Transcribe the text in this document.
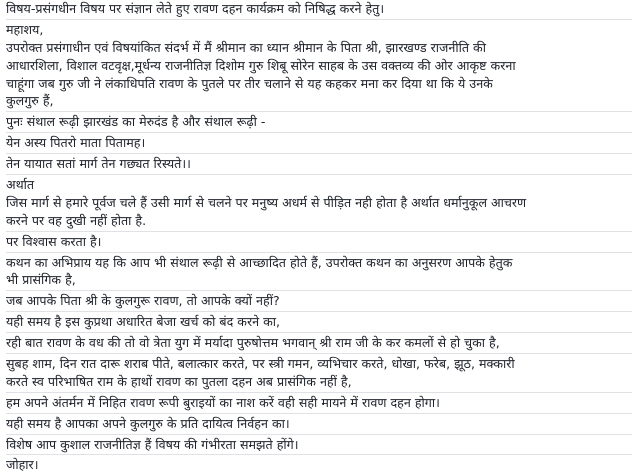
विषय-प्रसंगधीन विषय पर संज्ञान लेते हुए रावण दहन कार्यक्रम को निषिद्ध करने हेतु।
महाशय,
उपरोक्त प्रसंगाधीन एवं विषयांकित संदर्भ में मैं श्रीमान का ध्यान श्रीमान के पिता श्री, झारखण्ड राजनीति की
आधारशिला, विशाल वटवृक्ष,मूर्धन्य राजनीतिज्ञ दिशोम गुरु शिबू सोरेन साहब के उस वक्तव्य की ओर आकृष्ट करना
चाहूंगा जब गुरु जी ने लंकाधिपति रावण के पुतले पर तीर चलाने से यह कहकर मना कर दिया था कि ये उनके
कुलगुरु हैं,
पुनः संथाल रूढ़ी झारखंड का मेरुदंड है और संथाल रूढ़ी -
येन अस्य पितरो माता पितामह।
तेन यायात सतां मार्ग तेन गछ्यत रिस्यते।।
अर्थात
जिस मार्ग से हमारे पूर्वज चले हैं उसी मार्ग से चलने पर मनुष्य अधर्म से पीड़ित नही होता है अर्थात धर्मानुकूल आचरण
करने पर वह दुखी नहीं होता है.
पर विश्वास करता है।
कथन का अभिप्राय यह कि आप भी संथाल रूढ़ी से आच्छादित होते हैं, उपरोक्त कथन का अनुसरण आपके हेतुक
भी प्रासंगिक है,
जब आपके पिता श्री के कुलगुरू रावण, तो आपके क्यों नहीं?
यही समय है इस कुप्रथा अधारित बेजा खर्च को बंद करने का,
रही बात रावण के वध की तो वो त्रेता युग में मर्यादा पुरुषोत्तम भगवान् श्री राम जी के कर कमलों से हो चुका है,
सुबह शाम, दिन रात दारू शराब पीते, बलात्कार करते, पर स्त्री गमन, व्यभिचार करते, धोखा, फरेब, झूठ, मक्कारी
करते स्व परिभाषित राम के हाथों रावण का पुतला दहन अब प्रासंगिक नहीं है,
हम अपने अंतर्मन में निहित रावण रूपी बुराइयों का नाश करें वही सही मायने में रावण दहन होगा।
यही समय है आपका अपने कुलगुरु के प्रति दायित्व निर्वहन का।
विशेष आप कुशाल राजनीतिज्ञ हैं विषय की गंभीरता समझते होंगे।
जोहार।
